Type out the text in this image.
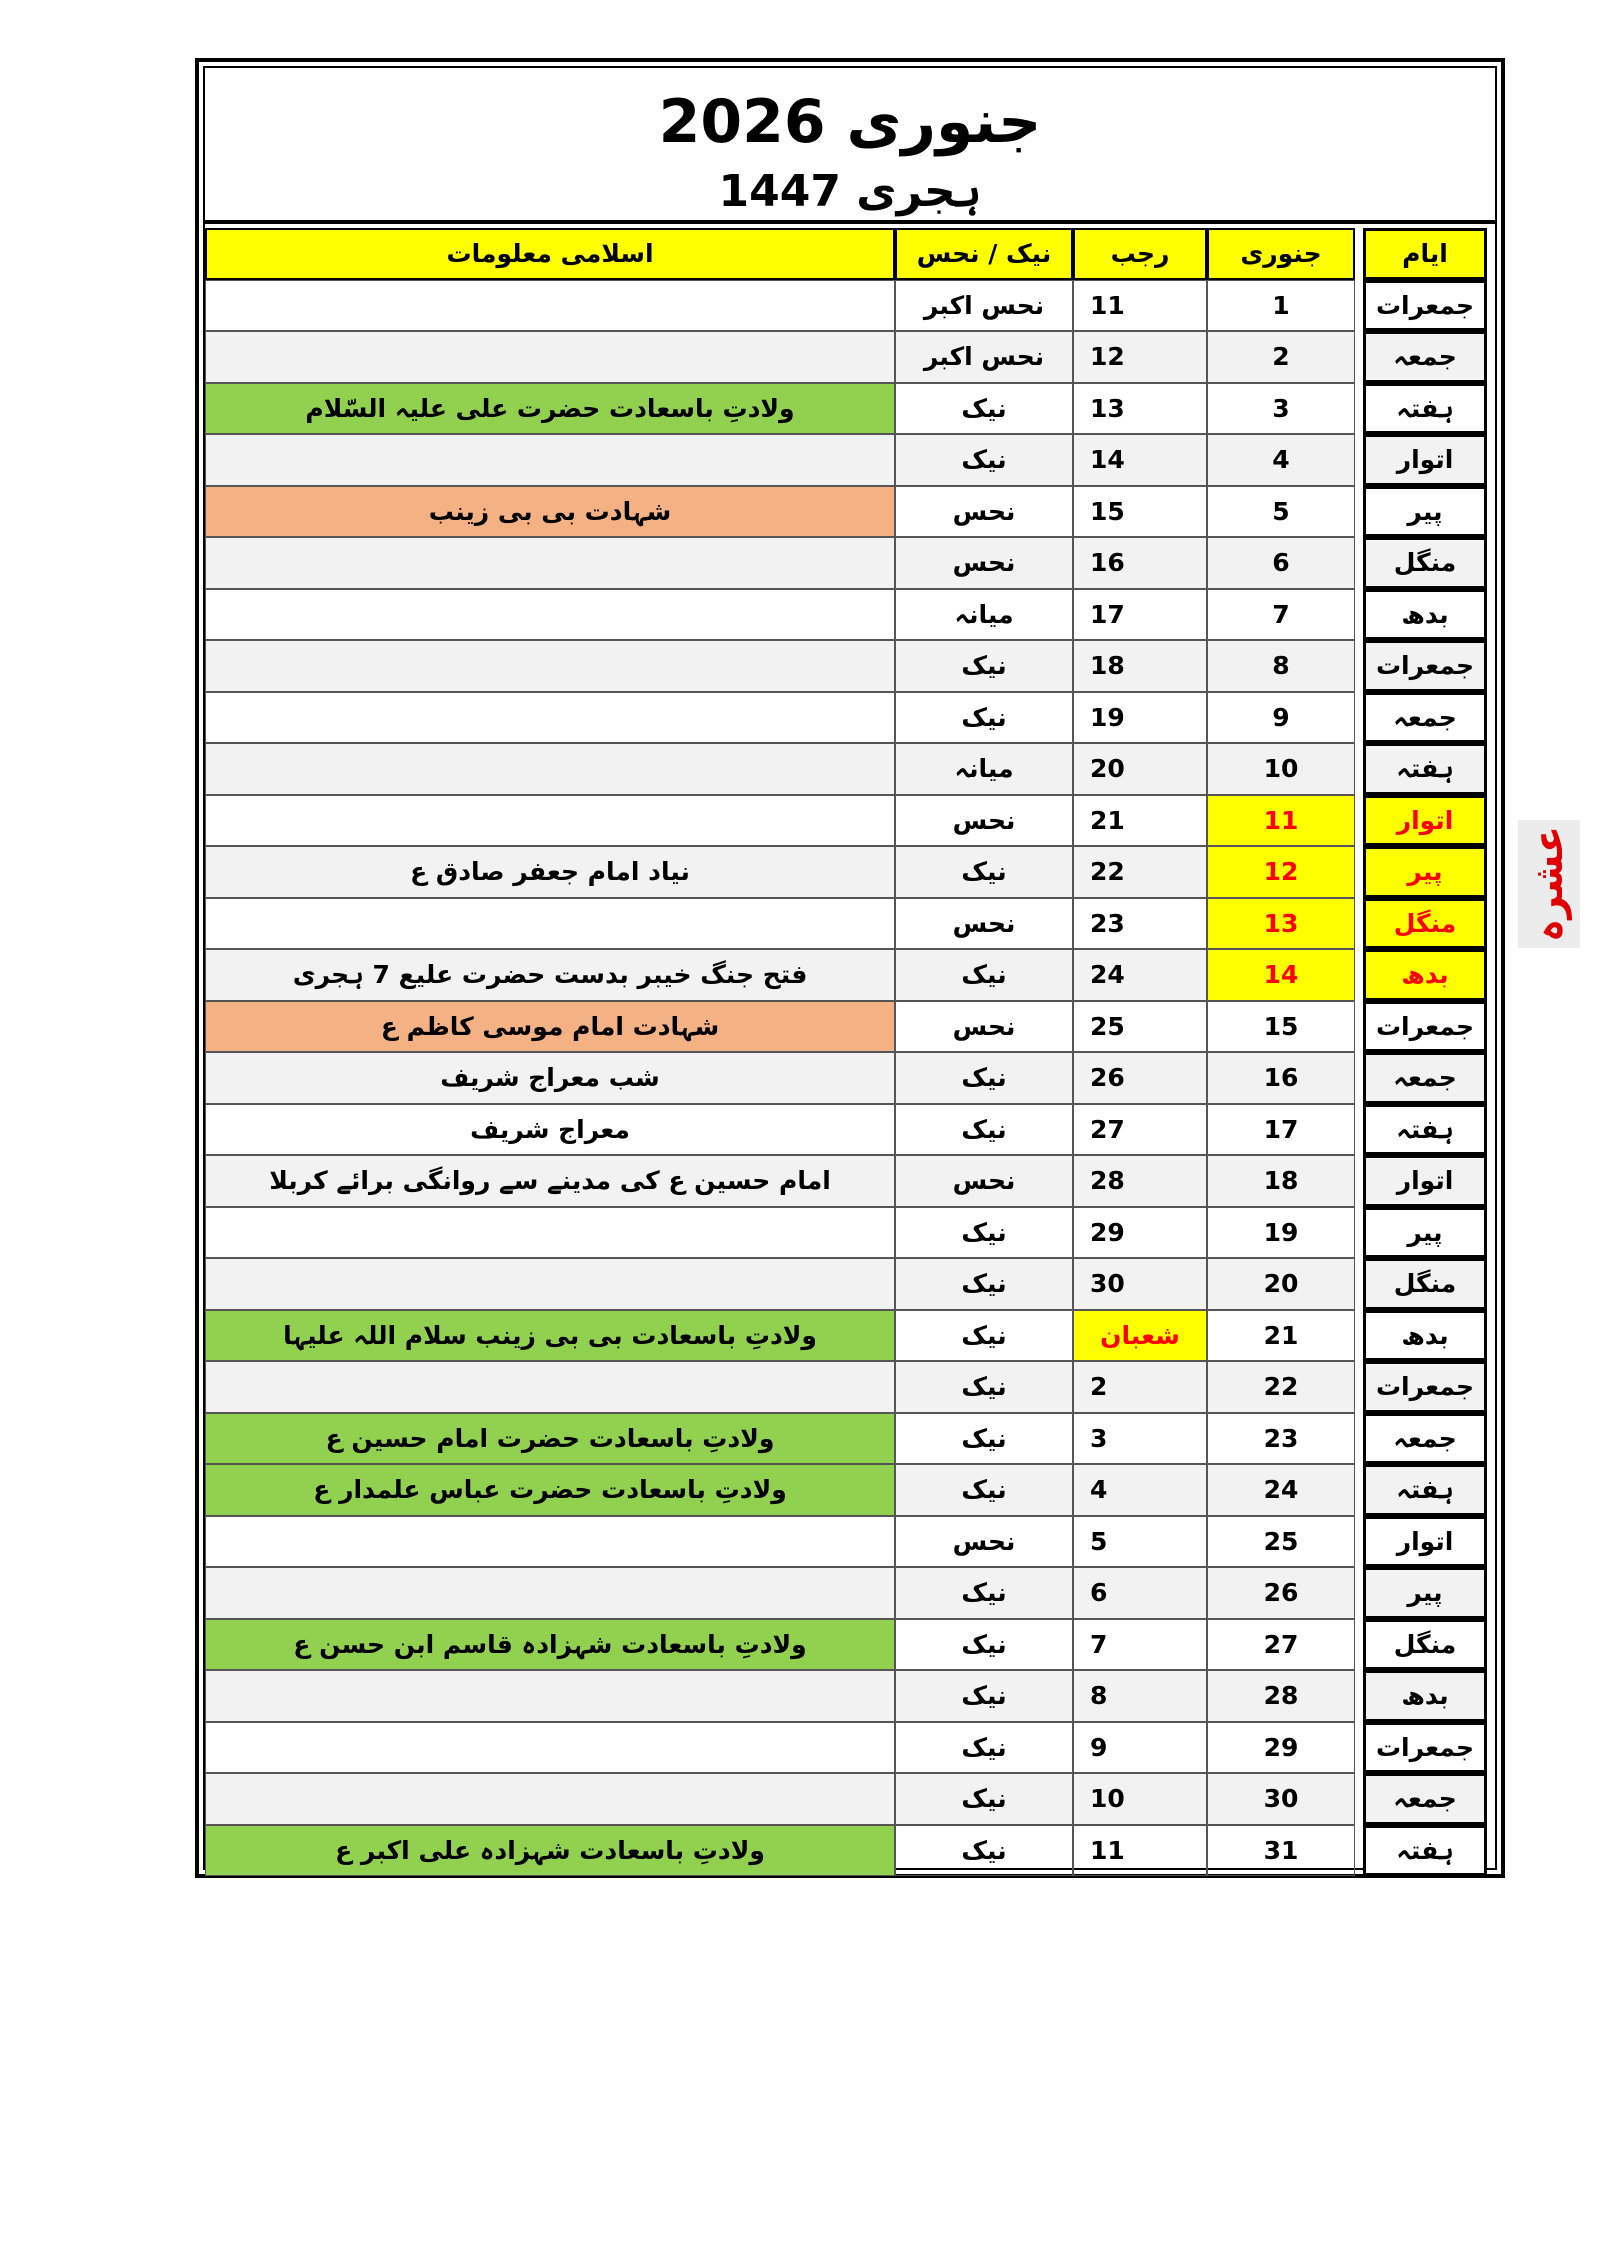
جنوری 2026
ہجری 1447
اسلامی معلومات	نیک / نحس	رجب	جنوری	ایام
نحس اکبر	11	1	جمعرات
نحس اکبر	12	2	جمعہ
ولادتِ باسعادت حضرت علی علیہ السّلام	نیک	13	3	ہفتہ
نیک	14	4	اتوار
شہادت بی بی زینب	نحس	15	5	پیر
نحس	16	6	منگل
میانہ	17	7	بدھ
نیک	18	8	جمعرات
نیک	19	9	جمعہ
میانہ	20	10	ہفتہ
نحس	21	11	اتوار
نیاد امام جعفر صادق ع	نیک	22	12	پیر
نحس	23	13	منگل
فتح جنگ خیبر بدست حضرت علیع 7 ہجری	نیک	24	14	بدھ
شہادت امام موسی کاظم ع	نحس	25	15	جمعرات
شب معراج شریف	نیک	26	16	جمعہ
معراج شریف	نیک	27	17	ہفتہ
امام حسین ع کی مدینے سے روانگی برائے کربلا	نحس	28	18	اتوار
نیک	29	19	پیر
نیک	30	20	منگل
ولادتِ باسعادت بی بی زینب سلام اللہ علیہا	نیک	شعبان	21	بدھ
نیک	2	22	جمعرات
ولادتِ باسعادت حضرت امام حسین ع	نیک	3	23	جمعہ
ولادتِ باسعادت حضرت عباس علمدار ع	نیک	4	24	ہفتہ
نحس	5	25	اتوار
نیک	6	26	پیر
ولادتِ باسعادت شہزادہ قاسم ابن حسن ع	نیک	7	27	منگل
نیک	8	28	بدھ
نیک	9	29	جمعرات
نیک	10	30	جمعہ
ولادتِ باسعادت شہزادہ علی اکبر ع	نیک	11	31	ہفتہ
عشرہ
